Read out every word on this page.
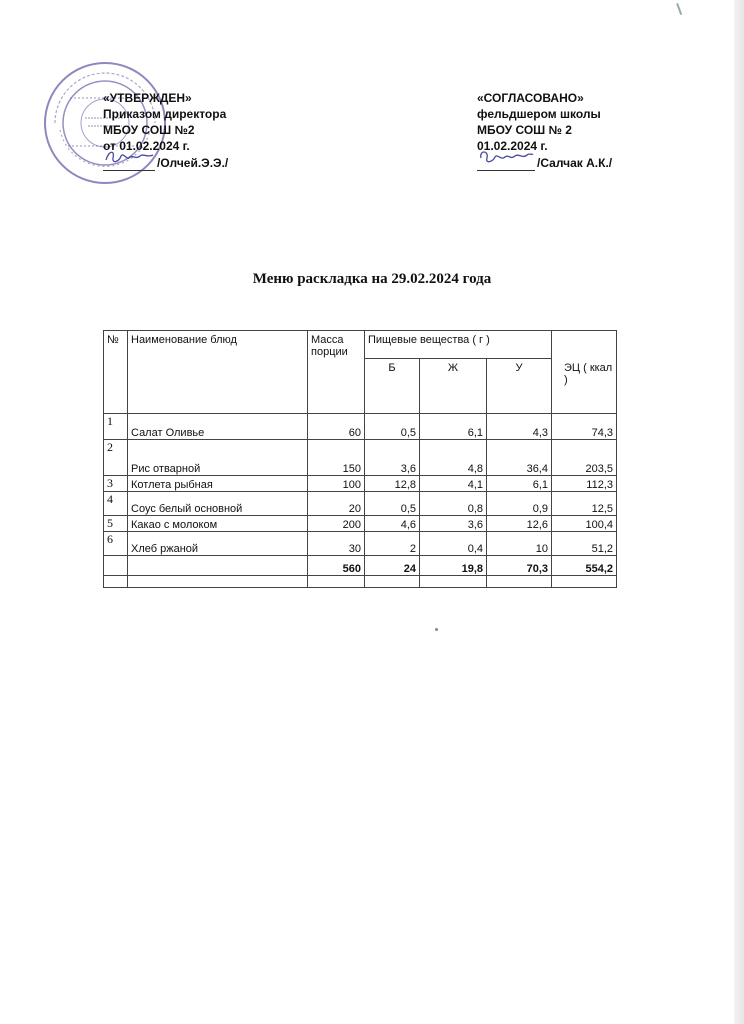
«УТВЕРЖДЕН»
Приказом директора
МБОУ СОШ №2
от 01.02.2024 г.
/Олчей.Э.Э./
«СОГЛАСОВАНО»
фельдшером школы
МБОУ СОШ № 2
01.02.2024 г.
/Салчак А.К./
Меню раскладка на 29.02.2024 года
№	Наименование блюд	Масса порции	Пищевые вещества ( г )			ЭЦ ( ккал )
			Б	Ж	У	
1	Салат Оливье	60	0,5	6,1	4,3	74,3
2	Рис отварной	150	3,6	4,8	36,4	203,5
3	Котлета рыбная	100	12,8	4,1	6,1	112,3
4	Соус белый основной	20	0,5	0,8	0,9	12,5
5	Какао с молоком	200	4,6	3,6	12,6	100,4
6	Хлеб ржаной	30	2	0,4	10	51,2
		560	24	19,8	70,3	554,2
